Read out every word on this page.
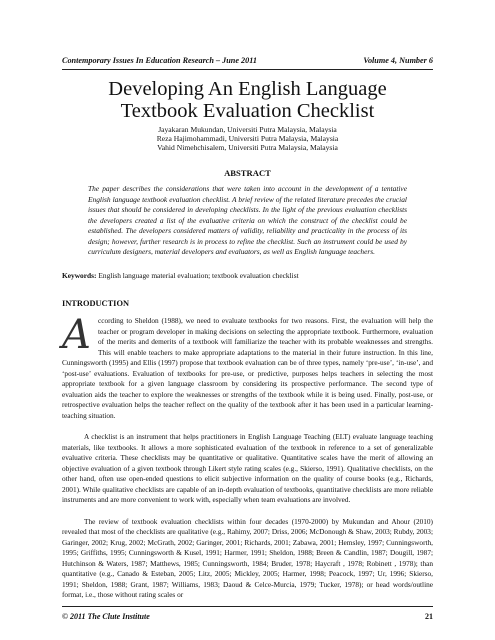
Contemporary Issues In Education Research – June 2011	Volume 4, Number 6
Developing An English Language
Textbook Evaluation Checklist
Jayakaran Mukundan, Universiti Putra Malaysia, Malaysia
Reza Hajimohammadi, Universiti Putra Malaysia, Malaysia
Vahid Nimehchisalem, Universiti Putra Malaysia, Malaysia
ABSTRACT
The paper describes the considerations that were taken into account in the development of a tentative English language textbook evaluation checklist. A brief review of the related literature precedes the crucial issues that should be considered in developing checklists. In the light of the previous evaluation checklists the developers created a list of the evaluative criteria on which the construct of the checklist could be established. The developers considered matters of validity, reliability and practicality in the process of its design; however, further research is in process to refine the checklist. Such an instrument could be used by curriculum designers, material developers and evaluators, as well as English language teachers.
Keywords: English language material evaluation; textbook evaluation checklist
INTRODUCTION

According to Sheldon (1988), we need to evaluate textbooks for two reasons. First, the evaluation will help the teacher or program developer in making decisions on selecting the appropriate textbook. Furthermore, evaluation of the merits and demerits of a textbook will familiarize the teacher with its probable weaknesses and strengths. This will enable teachers to make appropriate adaptations to the material in their future instruction. In this line, Cunningsworth (1995) and Ellis (1997) propose that textbook evaluation can be of three types, namely ‘pre-use’, ‘in-use’, and ‘post-use’ evaluations. Evaluation of textbooks for pre-use, or predictive, purposes helps teachers in selecting the most appropriate textbook for a given language classroom by considering its prospective performance. The second type of evaluation aids the teacher to explore the weaknesses or strengths of the textbook while it is being used. Finally, post-use, or retrospective evaluation helps the teacher reflect on the quality of the textbook after it has been used in a particular learning-teaching situation.

A checklist is an instrument that helps practitioners in English Language Teaching (ELT) evaluate language teaching materials, like textbooks. It allows a more sophisticated evaluation of the textbook in reference to a set of generalizable evaluative criteria. These checklists may be quantitative or qualitative. Quantitative scales have the merit of allowing an objective evaluation of a given textbook through Likert style rating scales (e.g., Skierso, 1991). Qualitative checklists, on the other hand, often use open-ended questions to elicit subjective information on the quality of course books (e.g., Richards, 2001). While qualitative checklists are capable of an in-depth evaluation of textbooks, quantitative checklists are more reliable instruments and are more convenient to work with, especially when team evaluations are involved.

The review of textbook evaluation checklists within four decades (1970-2000) by Mukundan and Ahour (2010) revealed that most of the checklists are qualitative (e.g., Rahimy, 2007; Driss, 2006; McDonough & Shaw, 2003; Rubdy, 2003; Garinger, 2002; Krug, 2002; McGrath, 2002; Garinger, 2001; Richards, 2001; Zabawa, 2001; Hemsley, 1997; Cunningsworth, 1995; Griffiths, 1995; Cunningsworth & Kusel, 1991; Harmer, 1991; Sheldon, 1988; Breen & Candlin, 1987; Dougill, 1987; Hutchinson & Waters, 1987; Matthews, 1985; Cunningsworth, 1984; Bruder, 1978; Haycraft , 1978; Robinett , 1978); than quantitative (e.g., Canado & Esteban, 2005; Litz, 2005; Mickley, 2005; Harmer, 1998; Peacock, 1997; Ur, 1996; Skierso, 1991; Sheldon, 1988; Grant, 1987; Williams, 1983; Daoud & Celce-Murcia, 1979; Tucker, 1978); or head words/outline format, i.e., those without rating scales or

© 2011 The Clute Institute	21
